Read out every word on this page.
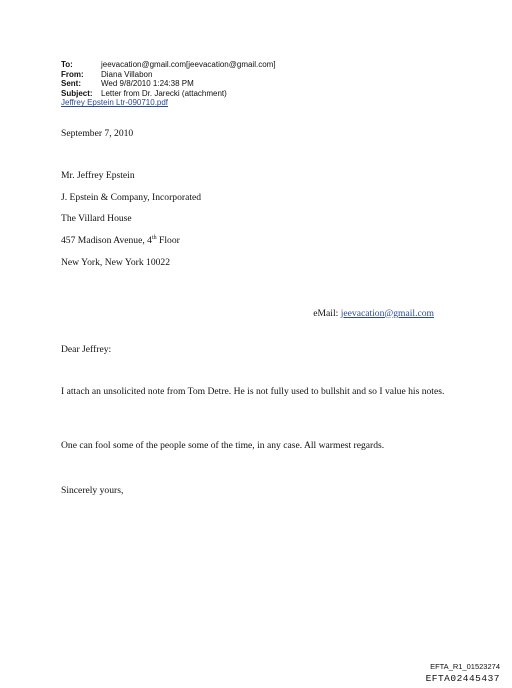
To:	jeevacation@gmail.com[jeevacation@gmail.com]
From:	Diana Villabon
Sent:	Wed 9/8/2010 1:24:38 PM
Subject:	Letter from Dr. Jarecki (attachment)
Jeffrey Epstein Ltr-090710.pdf

September 7, 2010

Mr. Jeffrey Epstein

J. Epstein & Company, Incorporated

The Villard House

457 Madison Avenue, 4th Floor

New York, New York 10022

eMail: jeevacation@gmail.com

Dear Jeffrey:

I attach an unsolicited note from Tom Detre. He is not fully used to bullshit and so I value his notes.

One can fool some of the people some of the time, in any case. All warmest regards.

Sincerely yours,

EFTA_R1_01523274
EFTA02445437
